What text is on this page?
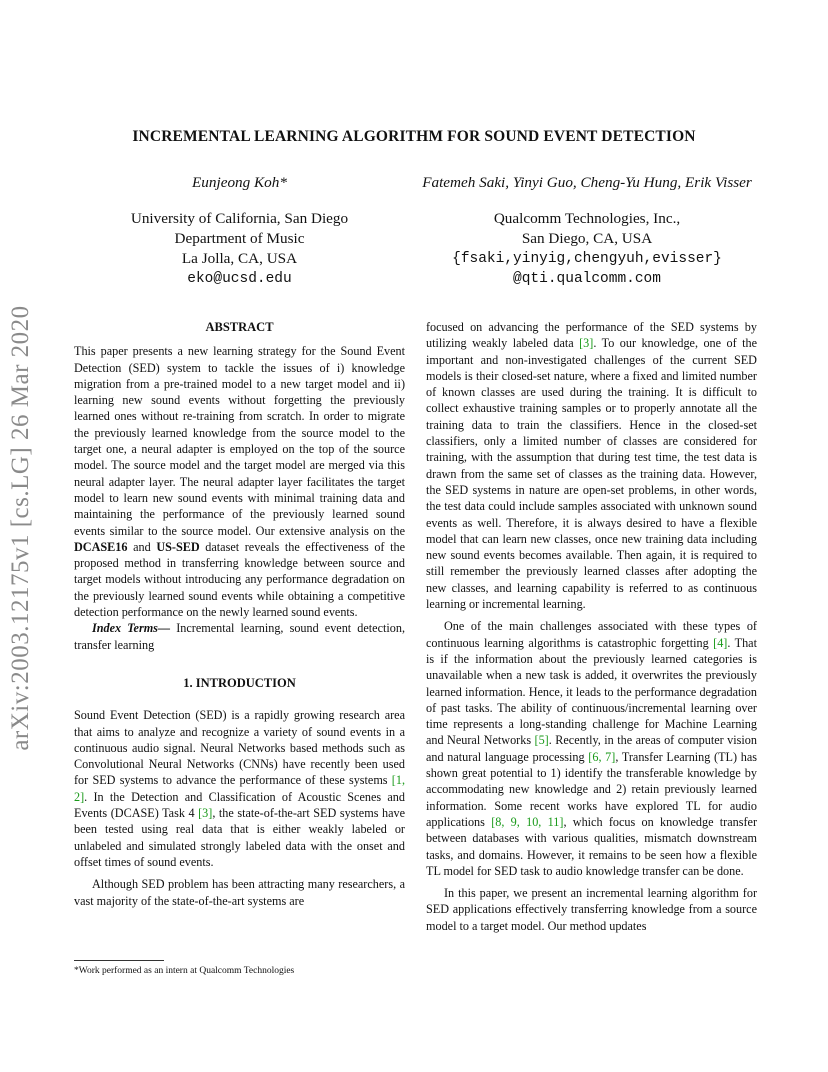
arXiv:2003.12175v1 [cs.LG] 26 Mar 2020
INCREMENTAL LEARNING ALGORITHM FOR SOUND EVENT DETECTION
Eunjeong Koh*
University of California, San Diego
Department of Music
La Jolla, CA, USA
eko@ucsd.edu
Fatemeh Saki, Yinyi Guo, Cheng-Yu Hung, Erik Visser
Qualcomm Technologies, Inc.,
San Diego, CA, USA
{fsaki,yinyig,chengyuh,evisser}
@qti.qualcomm.com
ABSTRACT

This paper presents a new learning strategy for the Sound Event Detection (SED) system to tackle the issues of i) knowledge migration from a pre-trained model to a new target model and ii) learning new sound events without forgetting the previously learned ones without re-training from scratch. In order to migrate the previously learned knowledge from the source model to the target one, a neural adapter is employed on the top of the source model. The source model and the target model are merged via this neural adapter layer. The neural adapter layer facilitates the target model to learn new sound events with minimal training data and maintaining the performance of the previously learned sound events similar to the source model. Our extensive analysis on the DCASE16 and US-SED dataset reveals the effectiveness of the proposed method in transferring knowledge between source and target models without introducing any performance degradation on the previously learned sound events while obtaining a competitive detection performance on the newly learned sound events.

Index Terms— Incremental learning, sound event detection, transfer learning

1. INTRODUCTION

Sound Event Detection (SED) is a rapidly growing research area that aims to analyze and recognize a variety of sound events in a continuous audio signal. Neural Networks based methods such as Convolutional Neural Networks (CNNs) have recently been used for SED systems to advance the performance of these systems [1, 2]. In the Detection and Classification of Acoustic Scenes and Events (DCASE) Task 4 [3], the state-of-the-art SED systems have been tested using real data that is either weakly labeled or unlabeled and simulated strongly labeled data with the onset and offset times of sound events.

Although SED problem has been attracting many researchers, a vast majority of the state-of-the-art systems are

focused on advancing the performance of the SED systems by utilizing weakly labeled data [3]. To our knowledge, one of the important and non-investigated challenges of the current SED models is their closed-set nature, where a fixed and limited number of known classes are used during the training. It is difficult to collect exhaustive training samples or to properly annotate all the training data to train the classifiers. Hence in the closed-set classifiers, only a limited number of classes are considered for training, with the assumption that during test time, the test data is drawn from the same set of classes as the training data. However, the SED systems in nature are open-set problems, in other words, the test data could include samples associated with unknown sound events as well. Therefore, it is always desired to have a flexible model that can learn new classes, once new training data including new sound events becomes available. Then again, it is required to still remember the previously learned classes after adopting the new classes, and learning capability is referred to as continuous learning or incremental learning.

One of the main challenges associated with these types of continuous learning algorithms is catastrophic forgetting [4]. That is if the information about the previously learned categories is unavailable when a new task is added, it overwrites the previously learned information. Hence, it leads to the performance degradation of past tasks. The ability of continuous/incremental learning over time represents a long-standing challenge for Machine Learning and Neural Networks [5]. Recently, in the areas of computer vision and natural language processing [6, 7], Transfer Learning (TL) has shown great potential to 1) identify the transferable knowledge by accommodating new knowledge and 2) retain previously learned information. Some recent works have explored TL for audio applications [8, 9, 10, 11], which focus on knowledge transfer between databases with various qualities, mismatch downstream tasks, and domains. However, it remains to be seen how a flexible TL model for SED task to audio knowledge transfer can be done.

In this paper, we present an incremental learning algorithm for SED applications effectively transferring knowledge from a source model to a target model. Our method updates

*Work performed as an intern at Qualcomm Technologies
